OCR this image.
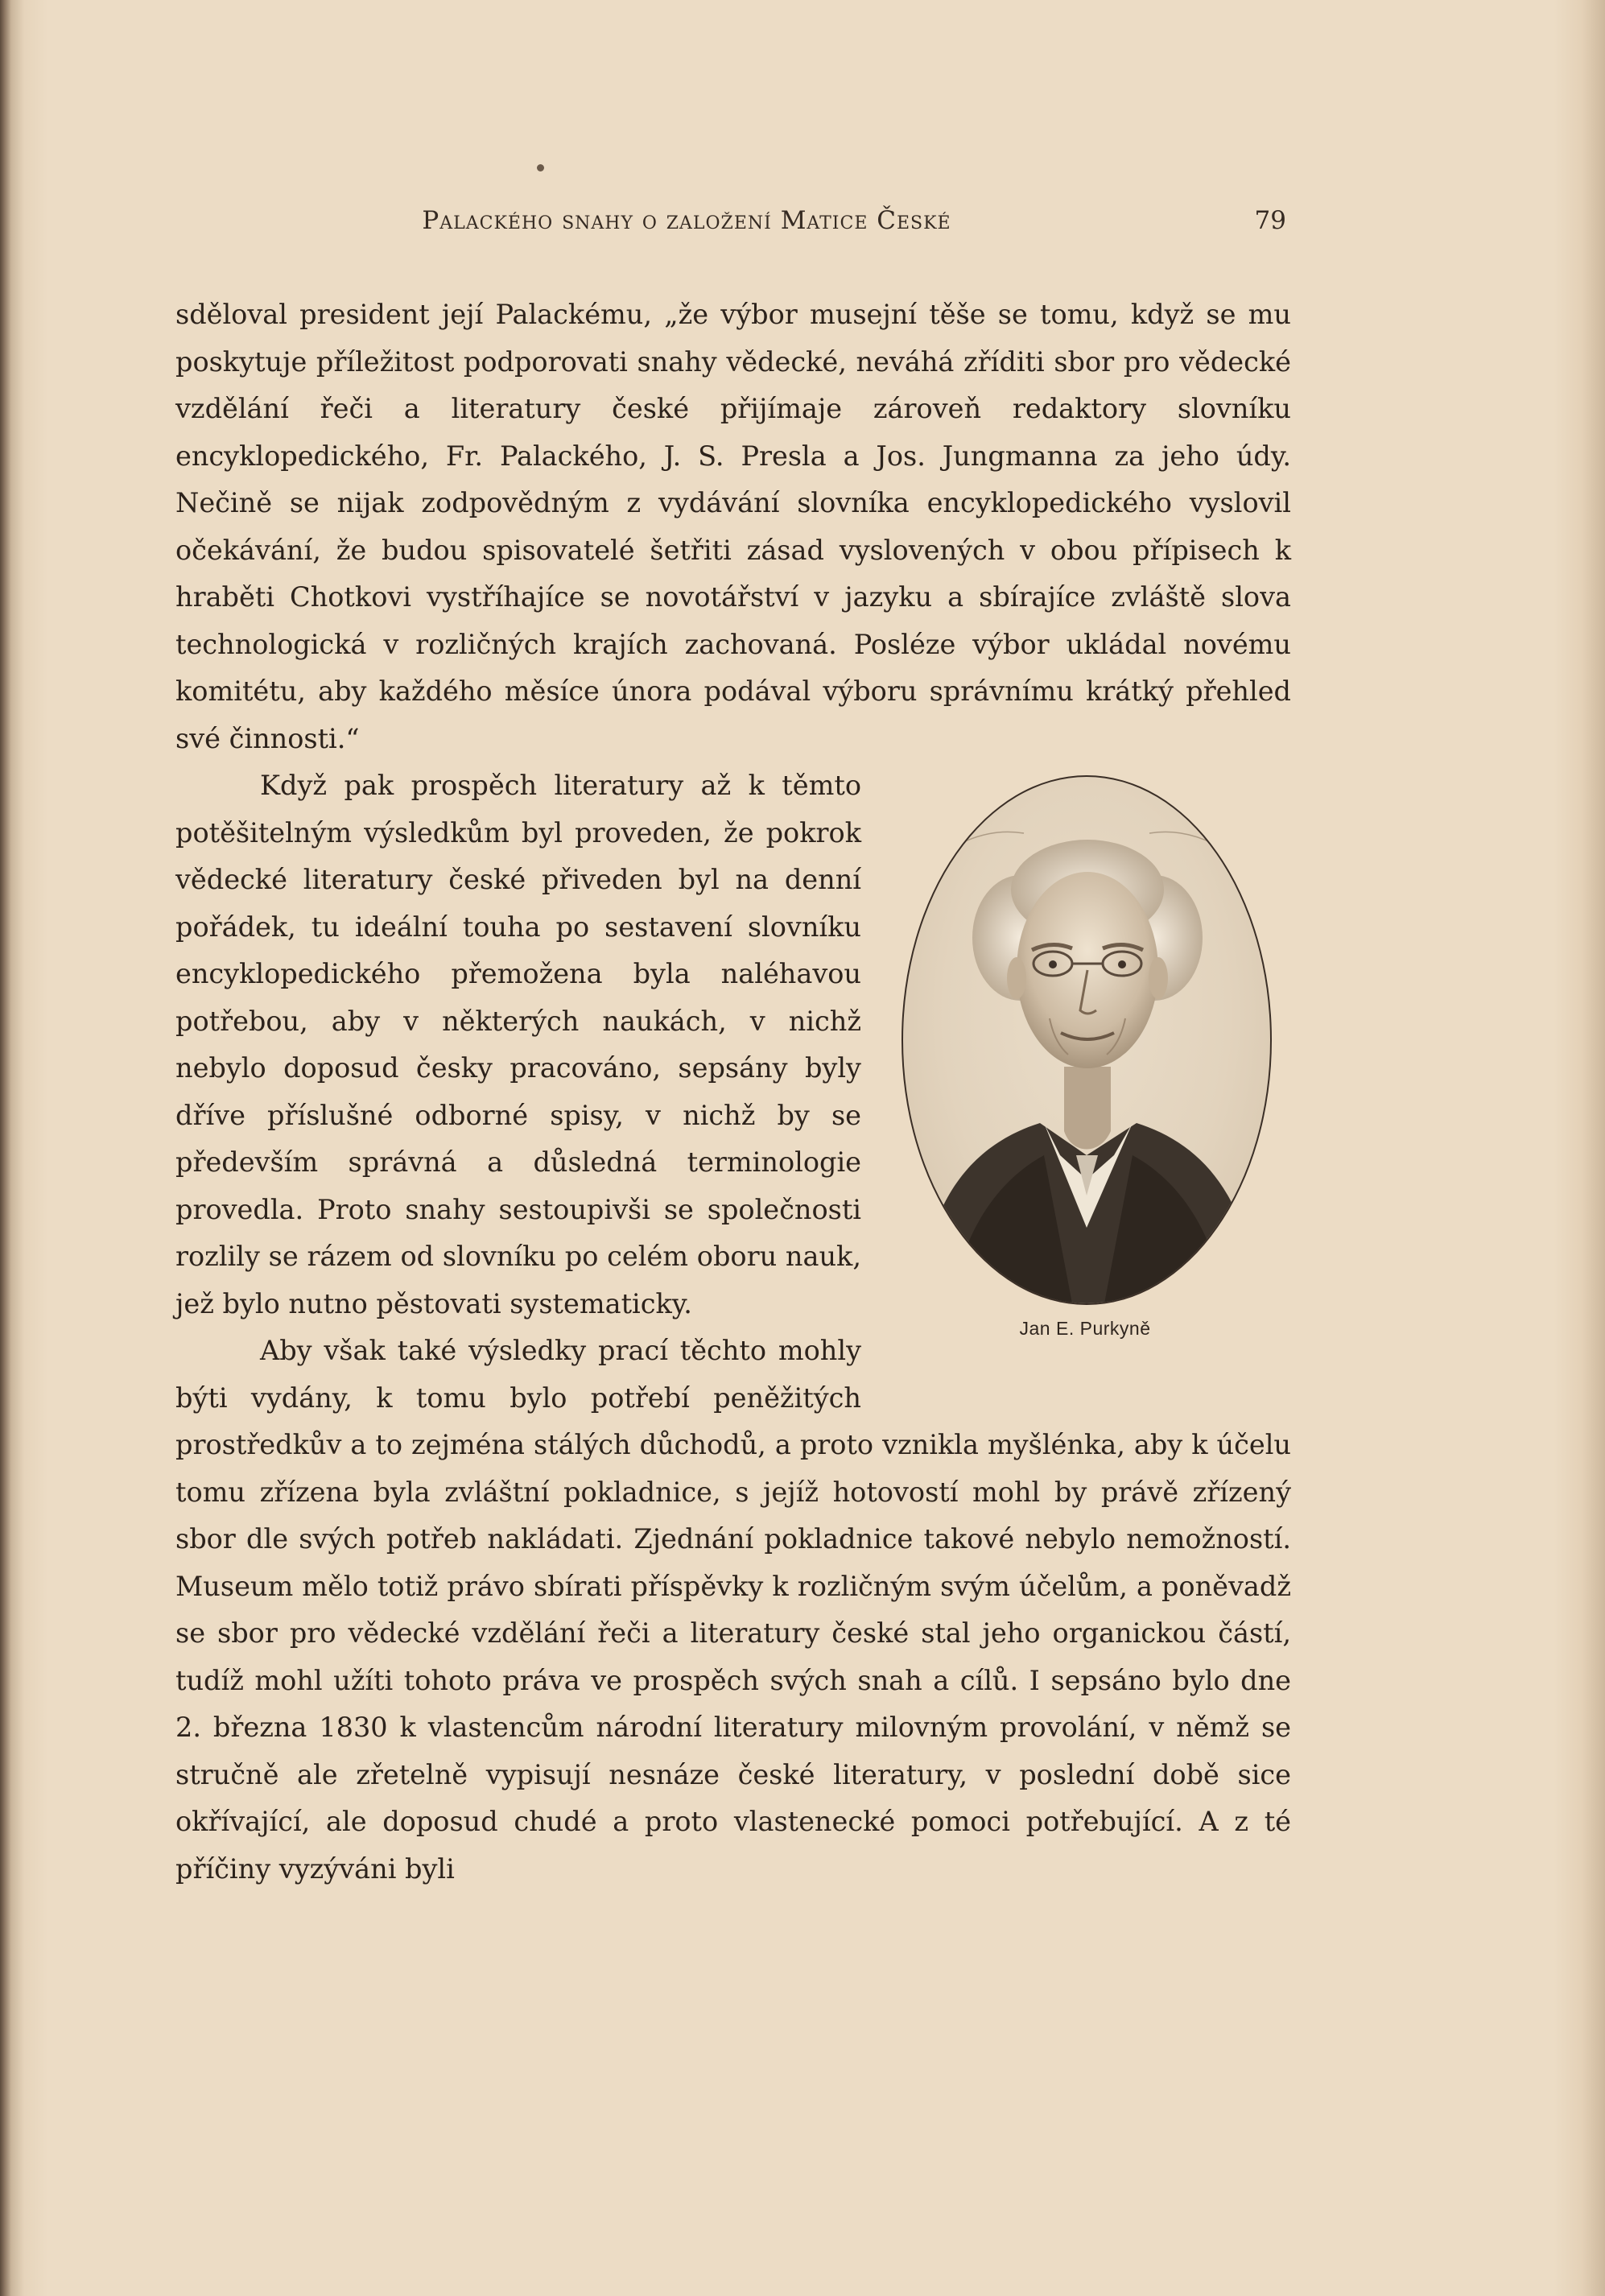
Palackého snahy o založení Matice České	79

sděloval president její Palackému, „že výbor musejní těše se tomu, když se mu poskytuje příležitost podporovati snahy vědecké, neváhá zříditi sbor pro vědecké vzdělání řeči a literatury české přijímaje zároveň redaktory slovníku encyklopedického, Fr. Palackého, J. S. Presla a Jos. Jungmanna za jeho údy. Nečině se nijak zodpovědným z vydávání slovníka encyklopedického vyslovil očekávání, že budou spisovatelé šetřiti zásad vyslovených v obou přípisech k hraběti Chotkovi vystříhajíce se novotářství v jazyku a sbírajíce zvláště slova technologická v rozličných krajích zachovaná. Posléze výbor ukládal novému komitétu, aby každého měsíce února podával výboru správnímu krátký přehled své činnosti.“

Jan E. Purkyně

Když pak prospěch literatury až k těmto potěšitelným výsledkům byl proveden, že pokrok vědecké literatury české přiveden byl na denní pořádek, tu ideální touha po sestavení slovníku encyklopedického přemožena byla naléhavou potřebou, aby v některých naukách, v nichž nebylo doposud česky pracováno, sepsány byly dříve příslušné odborné spisy, v nichž by se především správná a důsledná terminologie provedla. Proto snahy sestoupivši se společnosti rozlily se rázem od slovníku po celém oboru nauk, jež bylo nutno pěstovati systematicky.

Aby však také výsledky prací těchto mohly býti vydány, k tomu bylo potřebí peněžitých prostředkův a to zejména stálých důchodů, a proto vznikla myšlénka, aby k účelu tomu zřízena byla zvláštní pokladnice, s jejíž hotovostí mohl by právě zřízený sbor dle svých potřeb nakládati. Zjednání pokladnice takové nebylo nemožností. Museum mělo totiž právo sbírati příspěvky k rozličným svým účelům, a poněvadž se sbor pro vědecké vzdělání řeči a literatury české stal jeho organickou částí, tudíž mohl užíti tohoto práva ve prospěch svých snah a cílů. I sepsáno bylo dne 2. března 1830 k vlastencům národní literatury milovným provolání, v němž se stručně ale zřetelně vypisují nesnáze české literatury, v poslední době sice okřívající, ale doposud chudé a proto vlastenecké pomoci potřebující. A z té příčiny vyzýváni byli
